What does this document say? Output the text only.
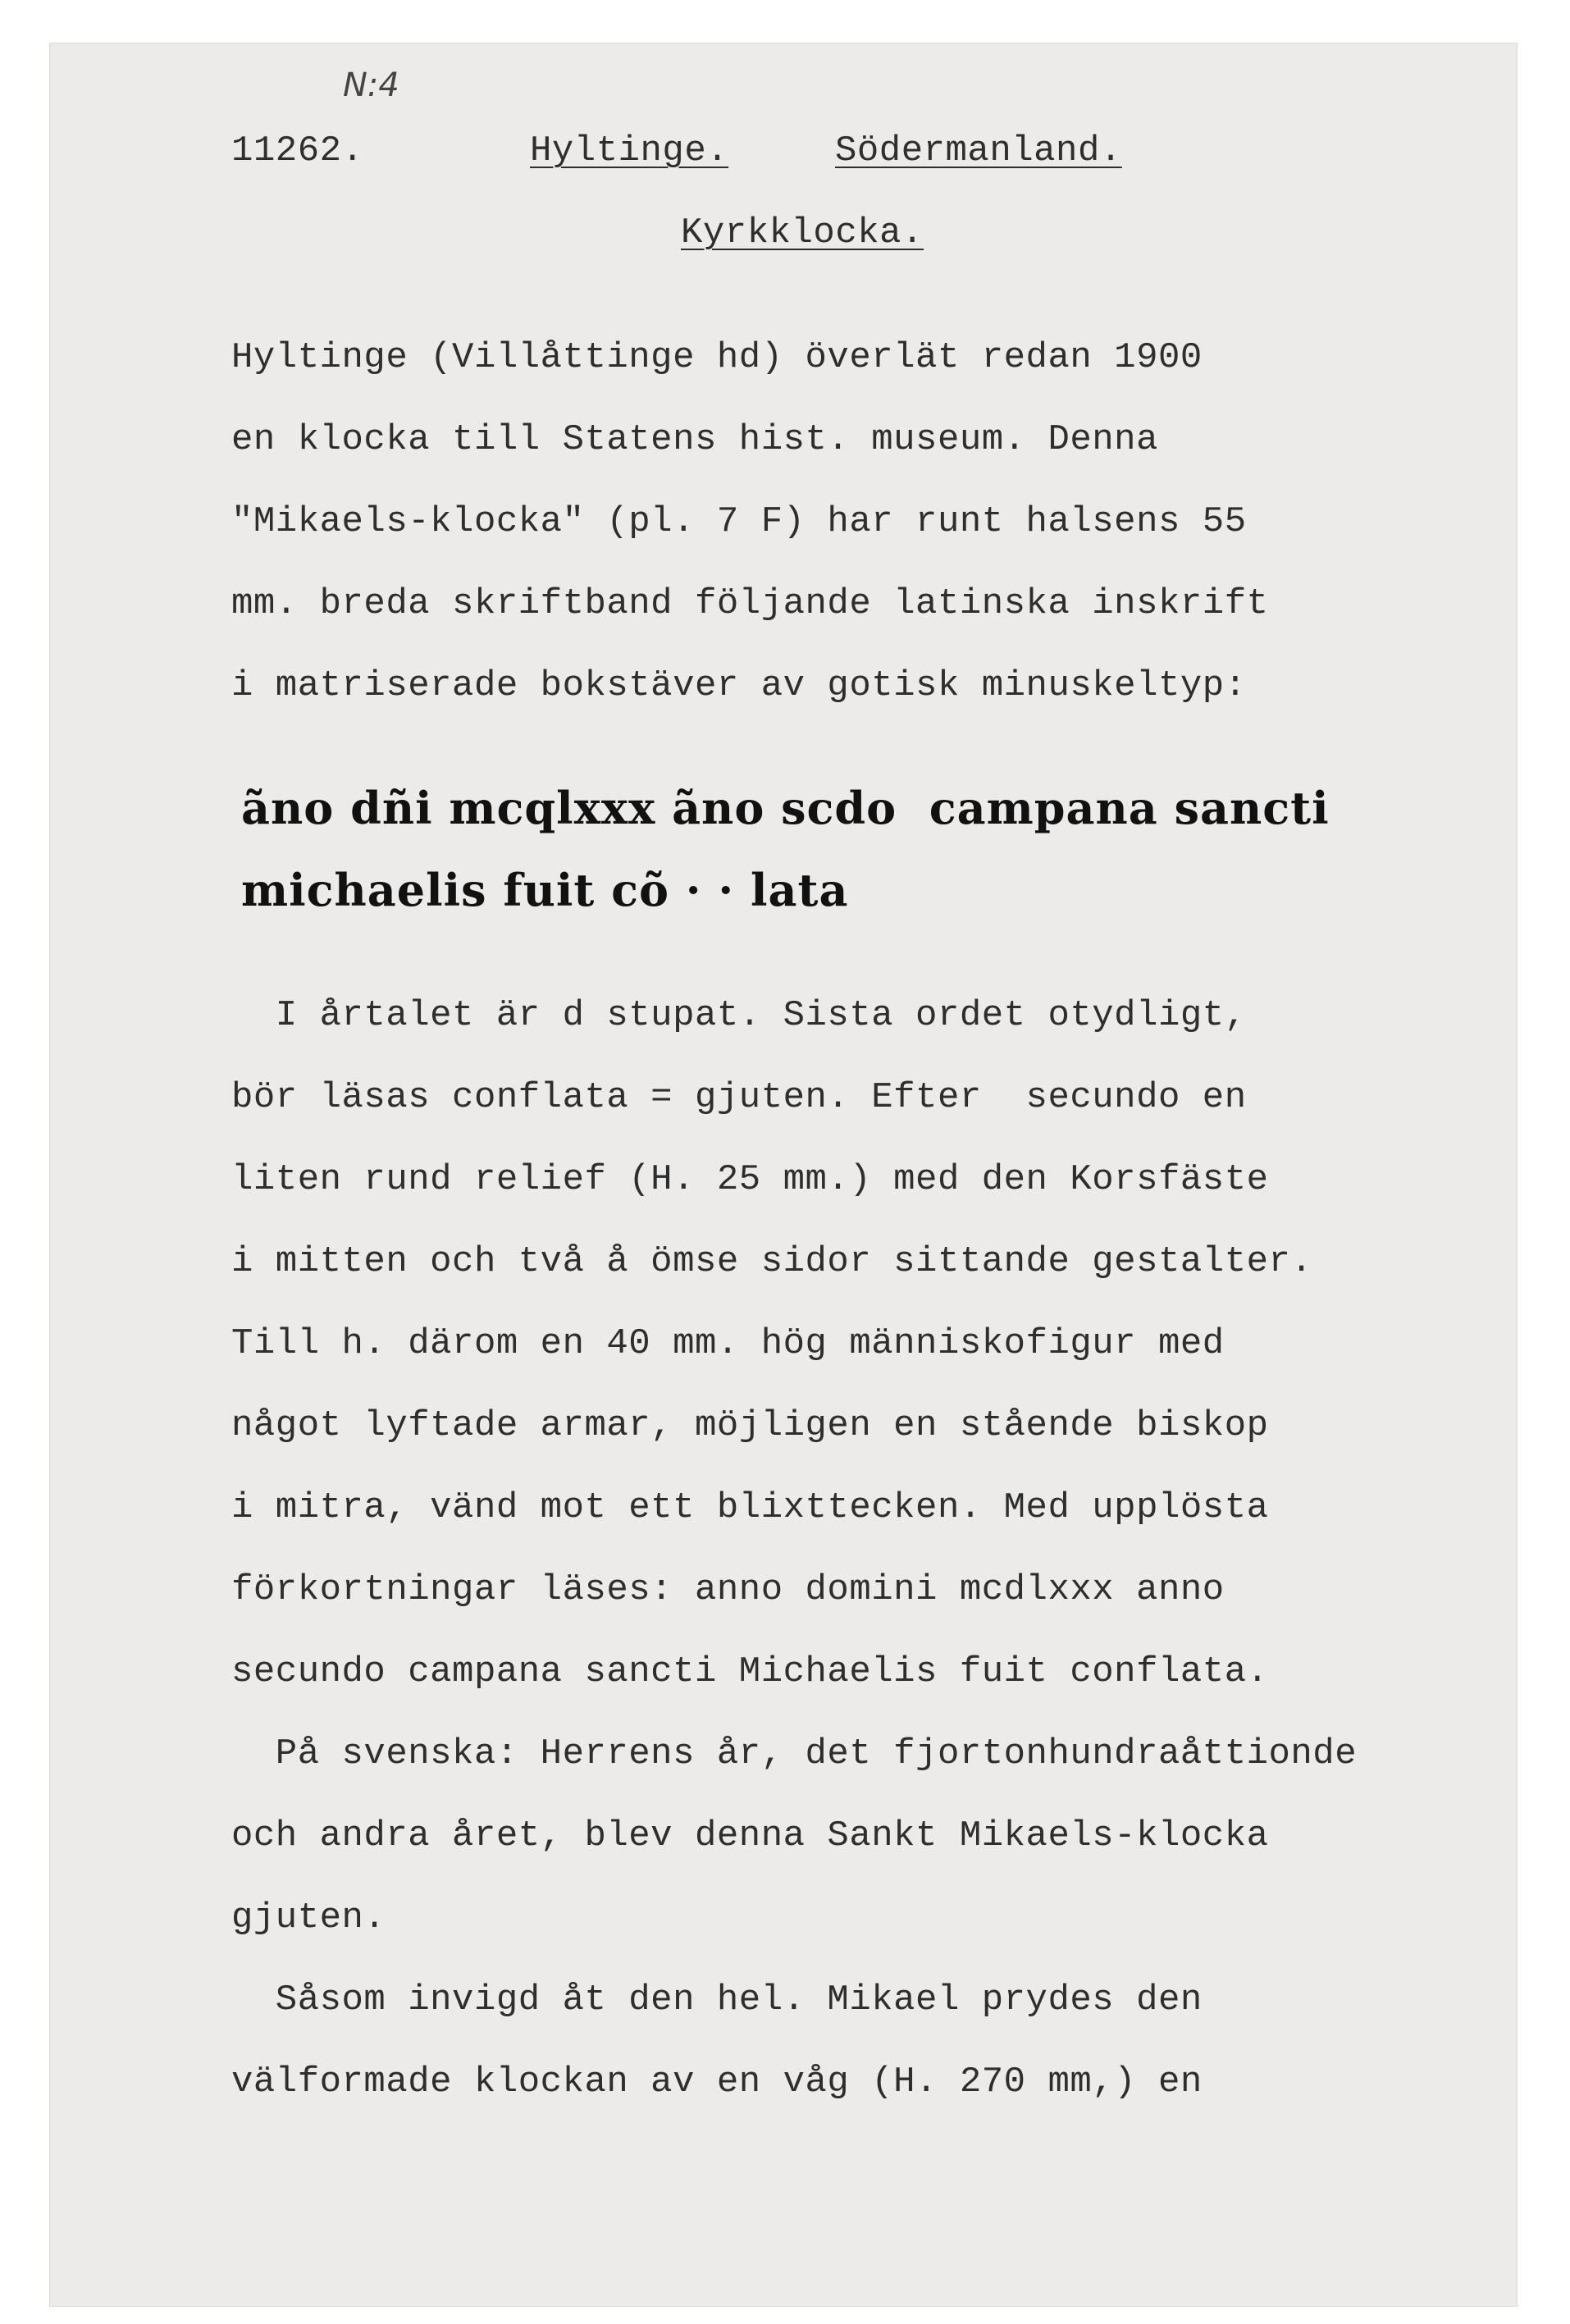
N:4
11262.	Hyltinge.	Södermanland.
Kyrkklocka.
Hyltinge (Villåttinge hd) överlät redan 1900
en klocka till Statens hist. museum. Denna
"Mikaels-klocka" (pl. 7 F) har runt halsens 55
mm. breda skriftband följande latinska inskrift
i matriserade bokstäver av gotisk minuskeltyp:
ãno dñi mcqlxxx ãno scdo  campana sancti
michaelis fuit cõ · · lata
I årtalet är d stupat. Sista ordet otydligt,
bör läsas conflata = gjuten. Efter  secundo en
liten rund relief (H. 25 mm.) med den Korsfäste
i mitten och två å ömse sidor sittande gestalter.
Till h. därom en 40 mm. hög människofigur med
något lyftade armar, möjligen en stående biskop
i mitra, vänd mot ett blixttecken. Med upplösta
förkortningar läses: anno domini mcdlxxx anno
secundo campana sancti Michaelis fuit conflata.
På svenska: Herrens år, det fjortonhundraåttionde
och andra året, blev denna Sankt Mikaels-klocka
gjuten.
Såsom invigd åt den hel. Mikael prydes den
välformade klockan av en våg (H. 270 mm,) en
